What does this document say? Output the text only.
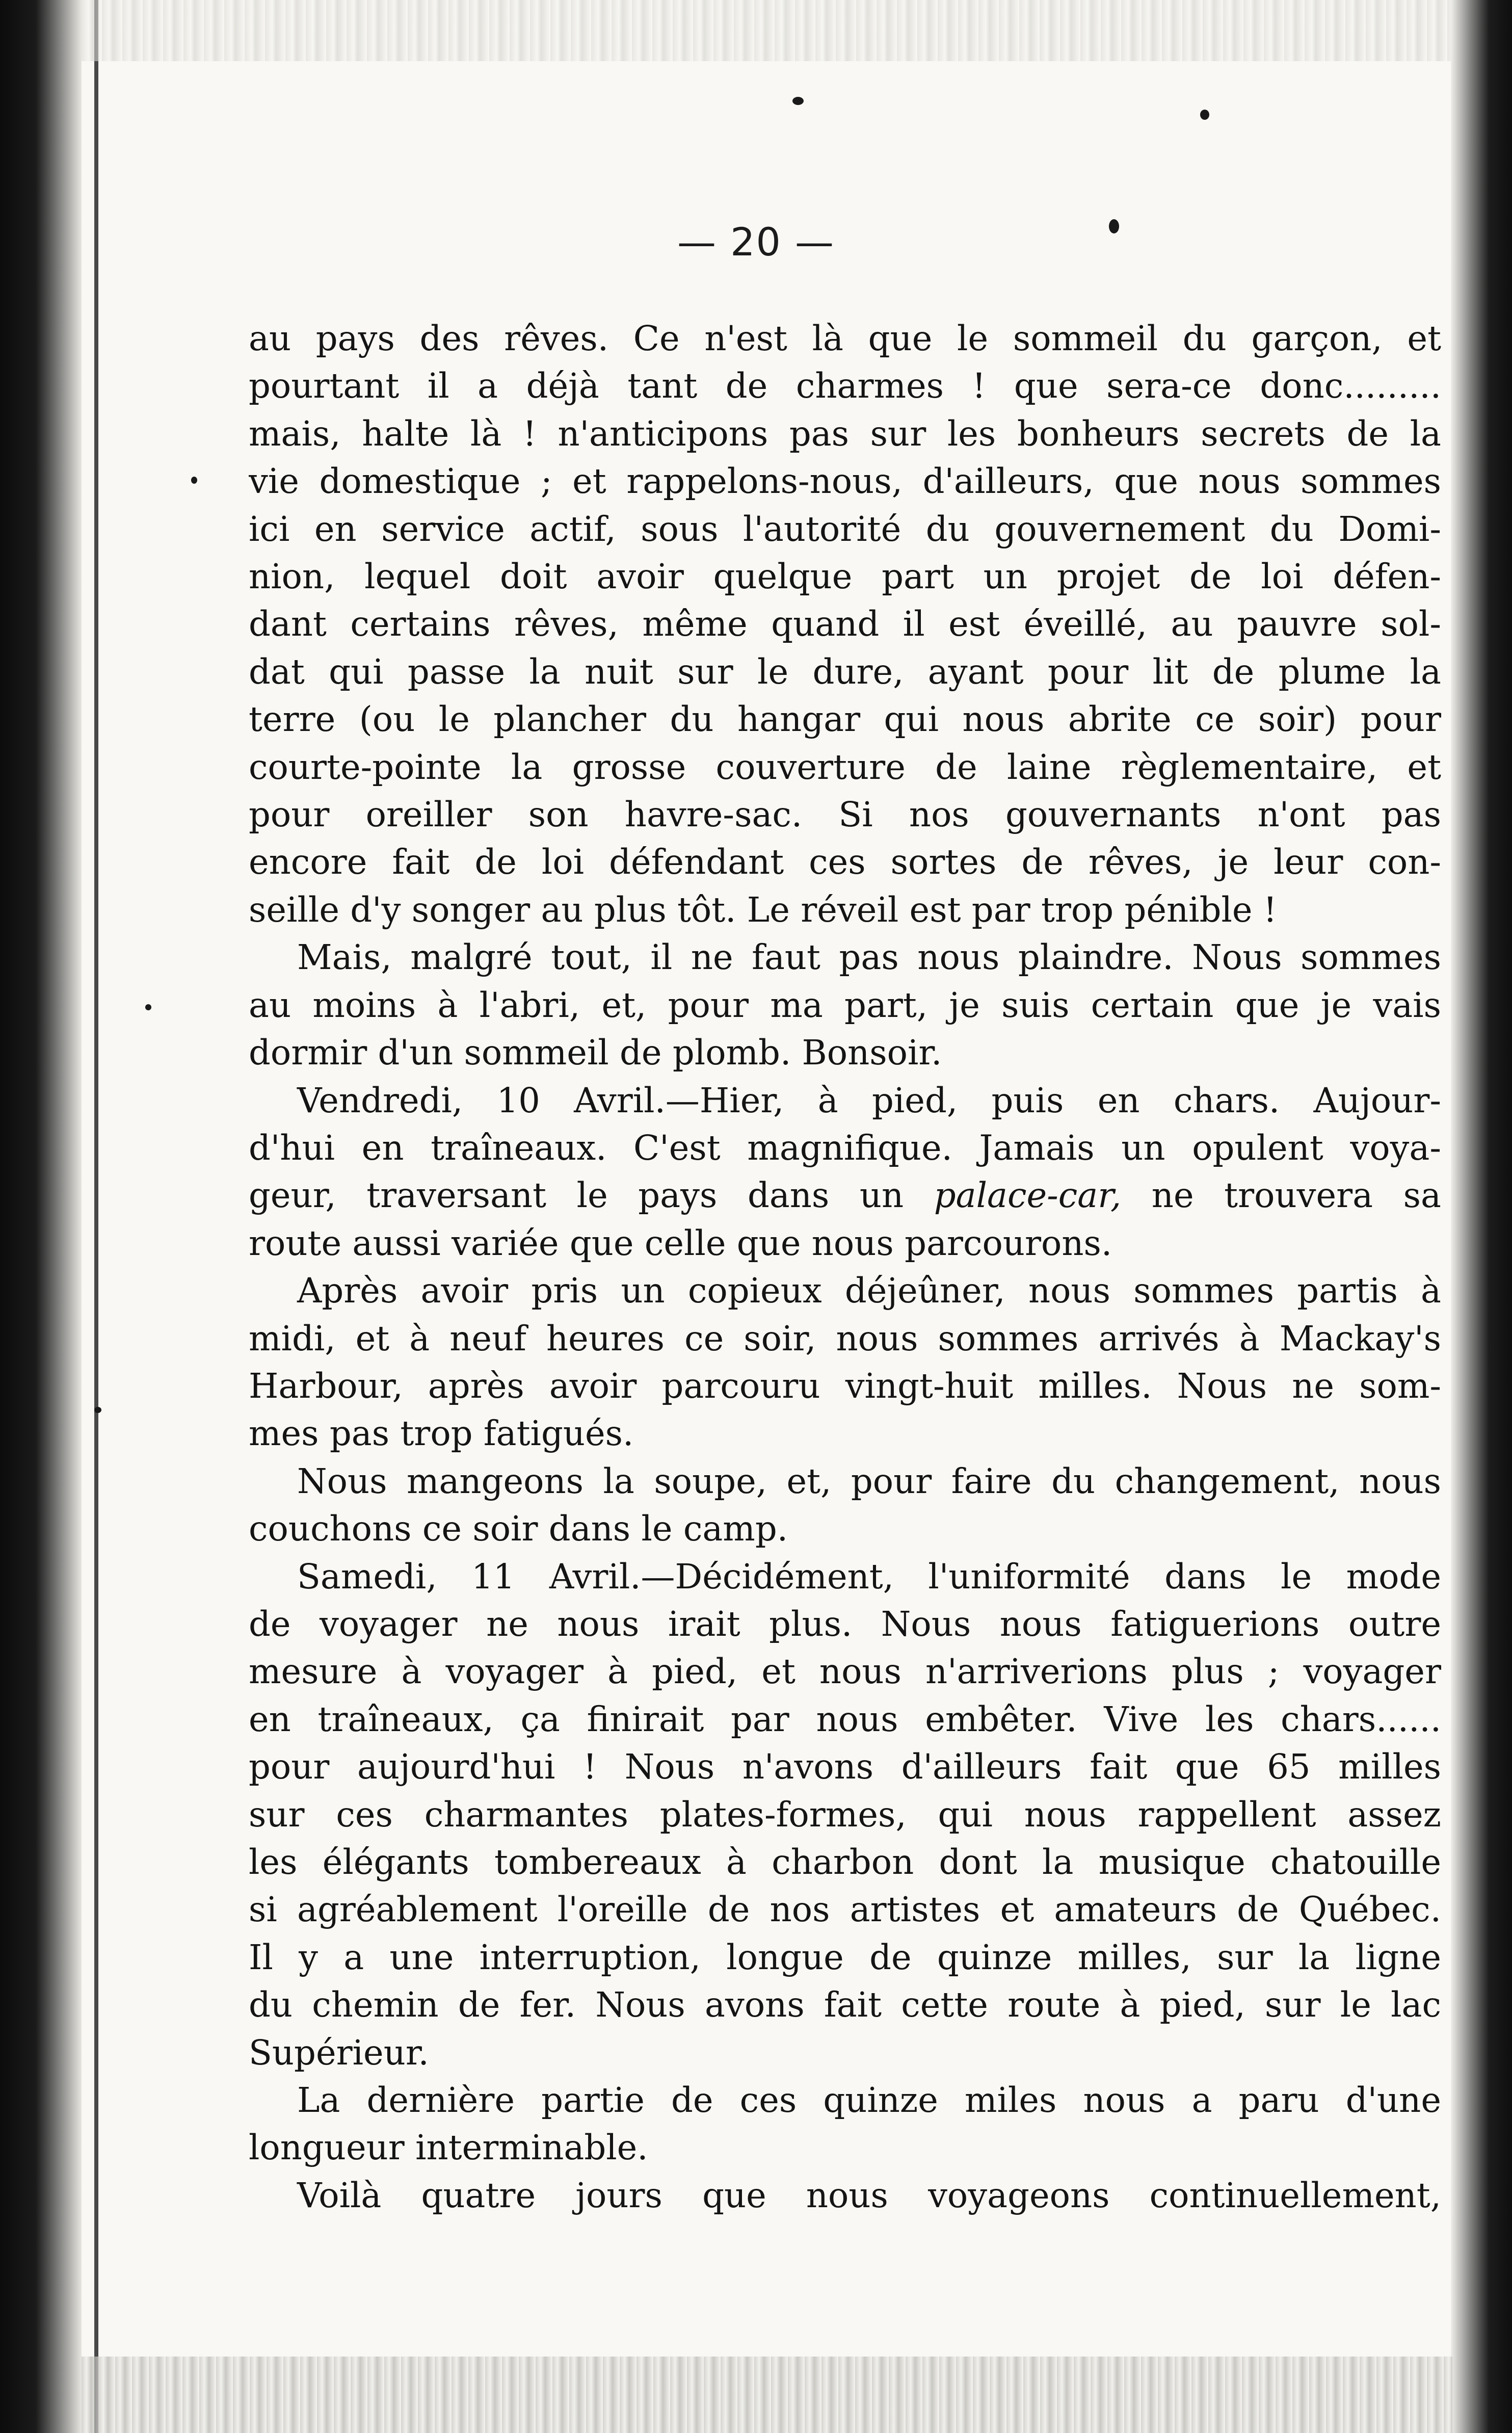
— 20 —
au pays des rêves. Ce n'est là que le sommeil du garçon, et
pourtant il a déjà tant de charmes ! que sera-ce donc.........
mais, halte là ! n'anticipons pas sur les bonheurs secrets de la
vie domestique ; et rappelons-nous, d'ailleurs, que nous sommes
ici en service actif, sous l'autorité du gouvernement du Domi-
nion, lequel doit avoir quelque part un projet de loi défen-
dant certains rêves, même quand il est éveillé, au pauvre sol-
dat qui passe la nuit sur le dure, ayant pour lit de plume la
terre (ou le plancher du hangar qui nous abrite ce soir) pour
courte-pointe la grosse couverture de laine règlementaire, et
pour oreiller son havre-sac. Si nos gouvernants n'ont pas
encore fait de loi défendant ces sortes de rêves, je leur con-
seille d'y songer au plus tôt. Le réveil est par trop pénible !
Mais, malgré tout, il ne faut pas nous plaindre. Nous sommes
au moins à l'abri, et, pour ma part, je suis certain que je vais
dormir d'un sommeil de plomb. Bonsoir.
Vendredi, 10 Avril.—Hier, à pied, puis en chars. Aujour-
d'hui en traîneaux. C'est magnifique. Jamais un opulent voya-
geur, traversant le pays dans un palace-car, ne trouvera sa
route aussi variée que celle que nous parcourons.
Après avoir pris un copieux déjeûner, nous sommes partis à
midi, et à neuf heures ce soir, nous sommes arrivés à Mackay's
Harbour, après avoir parcouru vingt-huit milles. Nous ne som-
mes pas trop fatigués.
Nous mangeons la soupe, et, pour faire du changement, nous
couchons ce soir dans le camp.
Samedi, 11 Avril.—Décidément, l'uniformité dans le mode
de voyager ne nous irait plus. Nous nous fatiguerions outre
mesure à voyager à pied, et nous n'arriverions plus ; voyager
en traîneaux, ça finirait par nous embêter. Vive les chars......
pour aujourd'hui ! Nous n'avons d'ailleurs fait que 65 milles
sur ces charmantes plates-formes, qui nous rappellent assez
les élégants tombereaux à charbon dont la musique chatouille
si agréablement l'oreille de nos artistes et amateurs de Québec.
Il y a une interruption, longue de quinze milles, sur la ligne
du chemin de fer. Nous avons fait cette route à pied, sur le lac
Supérieur.
La dernière partie de ces quinze miles nous a paru d'une
longueur interminable.
Voilà quatre jours que nous voyageons continuellement,
